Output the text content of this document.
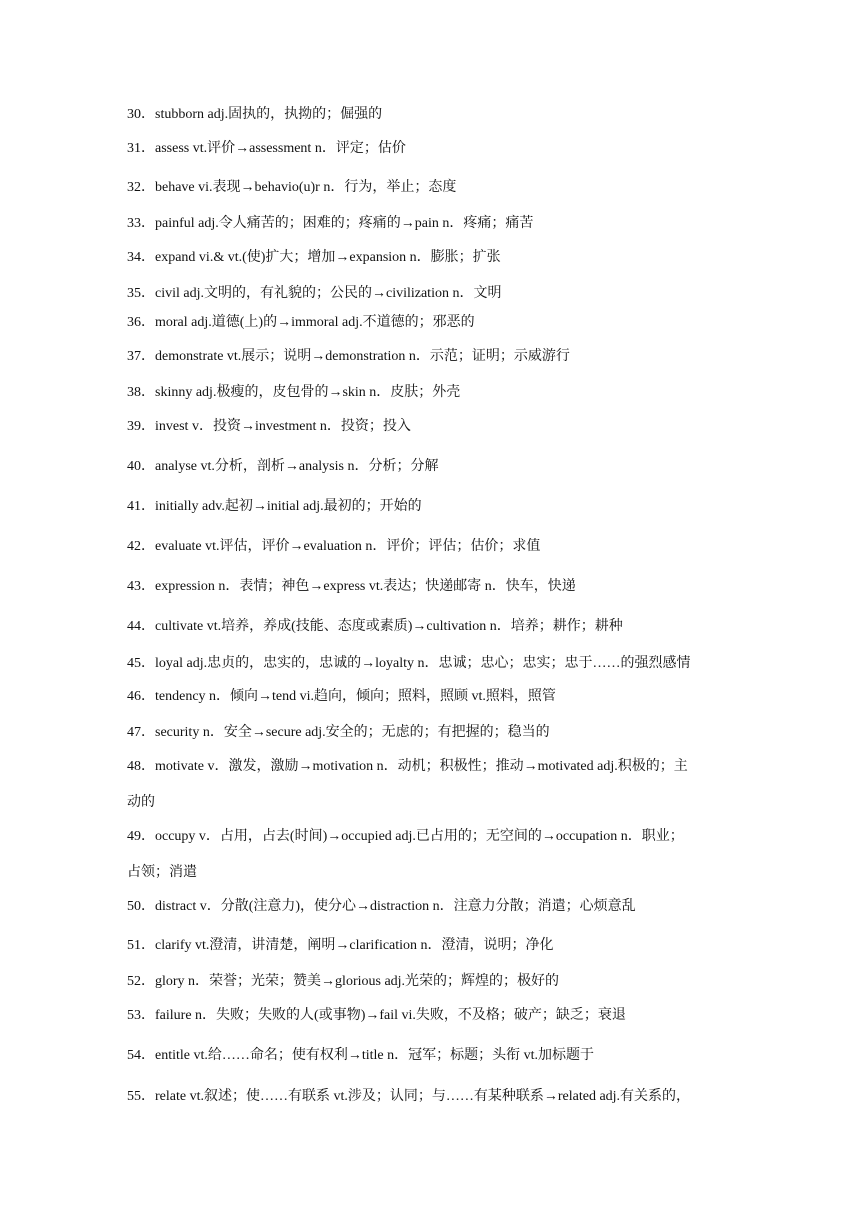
30．stubborn adj.固执的，执拗的；倔强的
31．assess vt.评价→assessment n．评定；估价
32．behave vi.表现→behavio(u)r n．行为，举止；态度
33．painful adj.令人痛苦的；困难的；疼痛的→pain n．疼痛；痛苦
34．expand vi.& vt.(使)扩大；增加→expansion n．膨胀；扩张
35．civil adj.文明的，有礼貌的；公民的→civilization n．文明
36．moral adj.道德(上)的→immoral adj.不道德的；邪恶的
37．demonstrate vt.展示；说明→demonstration n．示范；证明；示威游行
38．skinny adj.极瘦的，皮包骨的→skin n．皮肤；外壳
39．invest v．投资→investment n．投资；投入
40．analyse vt.分析，剖析→analysis n．分析；分解
41．initially adv.起初→initial adj.最初的；开始的
42．evaluate vt.评估，评价→evaluation n．评价；评估；估价；求值
43．expression n．表情；神色→express vt.表达；快递邮寄 n．快车，快递
44．cultivate vt.培养，养成(技能、态度或素质)→cultivation n．培养；耕作；耕种
45．loyal adj.忠贞的，忠实的，忠诚的→loyalty n．忠诚；忠心；忠实；忠于……的强烈感情
46．tendency n．倾向→tend vi.趋向，倾向；照料，照顾 vt.照料，照管
47．security n．安全→secure adj.安全的；无虑的；有把握的；稳当的
48．motivate v．激发，激励→motivation n．动机；积极性；推动→motivated adj.积极的；主
动的
49．occupy v．占用，占去(时间)→occupied adj.已占用的；无空间的→occupation n．职业；
占领；消遣
50．distract v．分散(注意力)，使分心→distraction n．注意力分散；消遣；心烦意乱
51．clarify vt.澄清，讲清楚，阐明→clarification n．澄清，说明；净化
52．glory n．荣誉；光荣；赞美→glorious adj.光荣的；辉煌的；极好的
53．failure n．失败；失败的人(或事物)→fail vi.失败，不及格；破产；缺乏；衰退
54．entitle vt.给……命名；使有权利→title n．冠军；标题；头衔 vt.加标题于
55．relate vt.叙述；使……有联系 vt.涉及；认同；与……有某种联系→related adj.有关系的，
